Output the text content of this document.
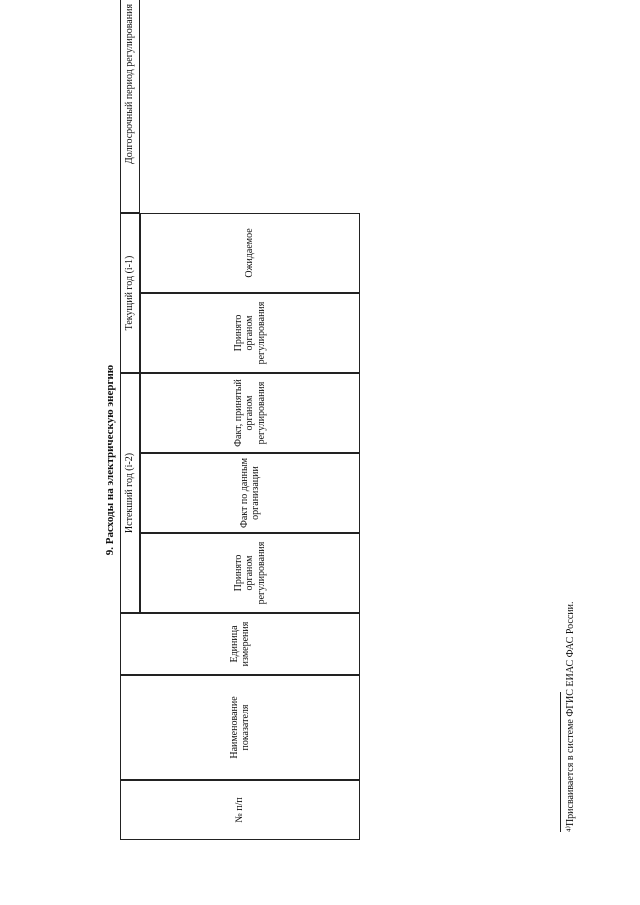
9. Расходы на электрическую энергию
№ п/п
Наименование показателя
Единица измерения
Истекший год (i-2)
Текущий год (i-1)
Долгосрочный период регулирования
Принято органом регулирования
Факт по данным организации
Факт, принятый органом регулирования
Принято органом регулирования
Ожидаемое
⁴⁾Присваивается в системе ФГИС ЕИАС ФАС России.
